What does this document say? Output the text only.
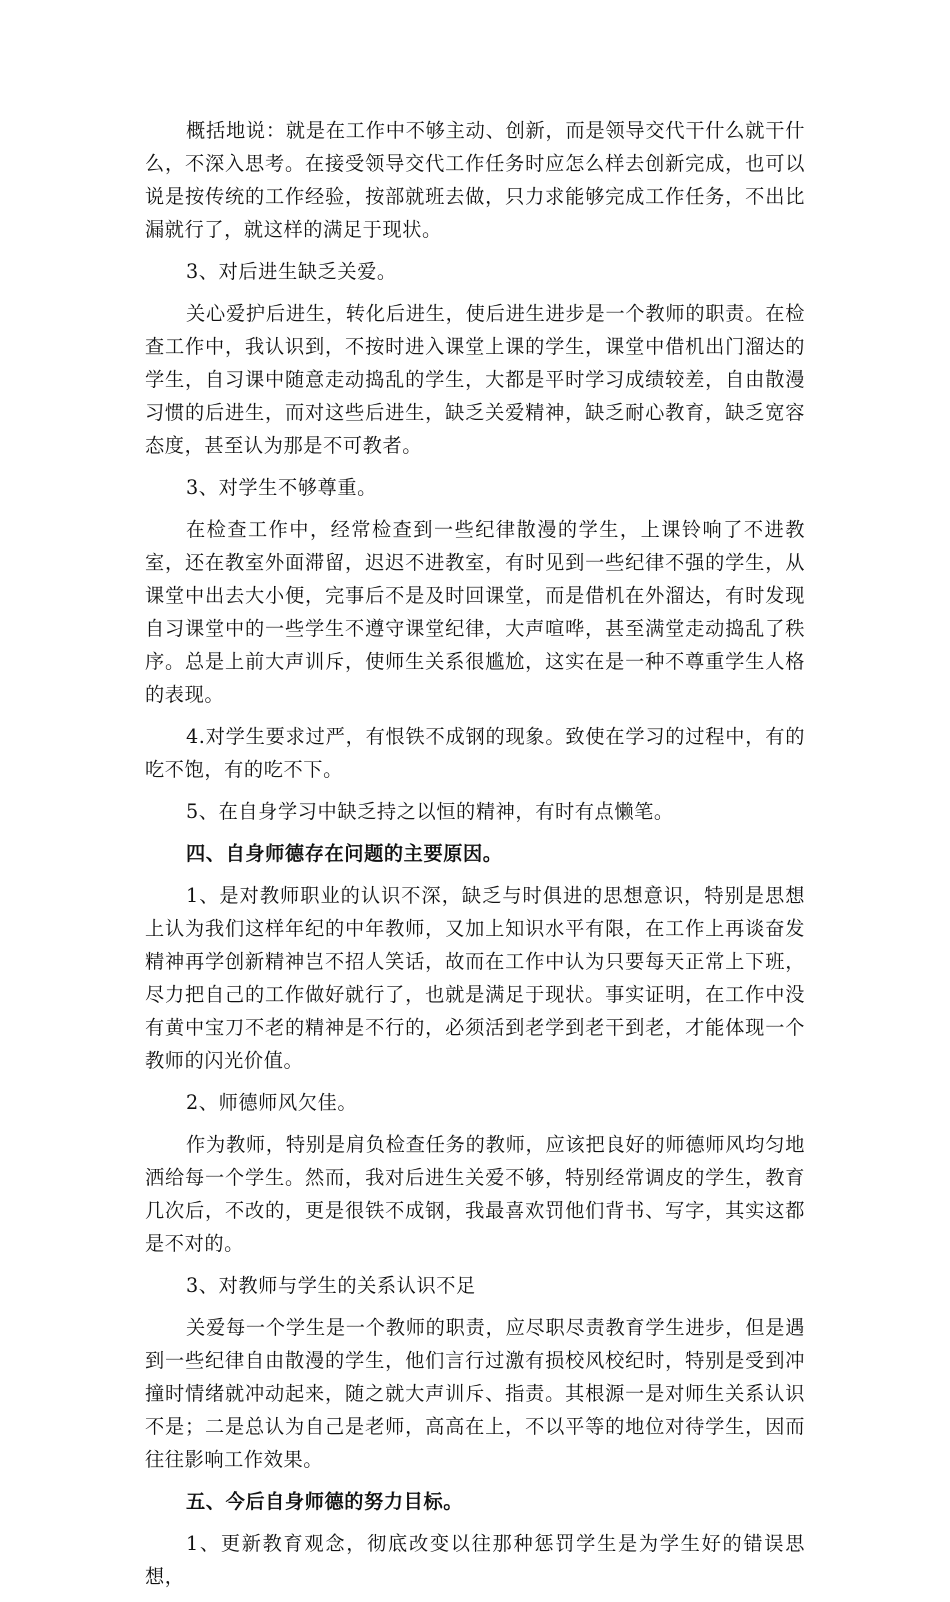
概括地说：就是在工作中不够主动、创新，而是领导交代干什么就干什么，不深入思考。在接受领导交代工作任务时应怎么样去创新完成，也可以说是按传统的工作经验，按部就班去做，只力求能够完成工作任务，不出比漏就行了，就这样的满足于现状。

3、对后进生缺乏关爱。

关心爱护后进生，转化后进生，使后进生进步是一个教师的职责。在检查工作中，我认识到，不按时进入课堂上课的学生，课堂中借机出门溜达的学生，自习课中随意走动捣乱的学生，大都是平时学习成绩较差，自由散漫习惯的后进生，而对这些后进生，缺乏关爱精神，缺乏耐心教育，缺乏宽容态度，甚至认为那是不可教者。

3、对学生不够尊重。

在检查工作中，经常检查到一些纪律散漫的学生，上课铃响了不进教室，还在教室外面滞留，迟迟不进教室，有时见到一些纪律不强的学生，从课堂中出去大小便，完事后不是及时回课堂，而是借机在外溜达，有时发现自习课堂中的一些学生不遵守课堂纪律，大声喧哗，甚至满堂走动捣乱了秩序。总是上前大声训斥，使师生关系很尴尬，这实在是一种不尊重学生人格的表现。

4.对学生要求过严，有恨铁不成钢的现象。致使在学习的过程中，有的吃不饱，有的吃不下。

5、在自身学习中缺乏持之以恒的精神，有时有点懒笔。

四、自身师德存在问题的主要原因。

1、是对教师职业的认识不深，缺乏与时俱进的思想意识，特别是思想上认为我们这样年纪的中年教师，又加上知识水平有限，在工作上再谈奋发精神再学创新精神岂不招人笑话，故而在工作中认为只要每天正常上下班，尽力把自己的工作做好就行了，也就是满足于现状。事实证明，在工作中没有黄中宝刀不老的精神是不行的，必须活到老学到老干到老，才能体现一个教师的闪光价值。

2、师德师风欠佳。

作为教师，特别是肩负检查任务的教师，应该把良好的师德师风均匀地洒给每一个学生。然而，我对后进生关爱不够，特别经常调皮的学生，教育几次后，不改的，更是很铁不成钢，我最喜欢罚他们背书、写字，其实这都是不对的。

3、对教师与学生的关系认识不足

关爱每一个学生是一个教师的职责，应尽职尽责教育学生进步，但是遇到一些纪律自由散漫的学生，他们言行过激有损校风校纪时，特别是受到冲撞时情绪就冲动起来，随之就大声训斥、指责。其根源一是对师生关系认识不是；二是总认为自己是老师，高高在上，不以平等的地位对待学生，因而往往影响工作效果。

五、今后自身师德的努力目标。

1、更新教育观念，彻底改变以往那种惩罚学生是为学生好的错误思想，
